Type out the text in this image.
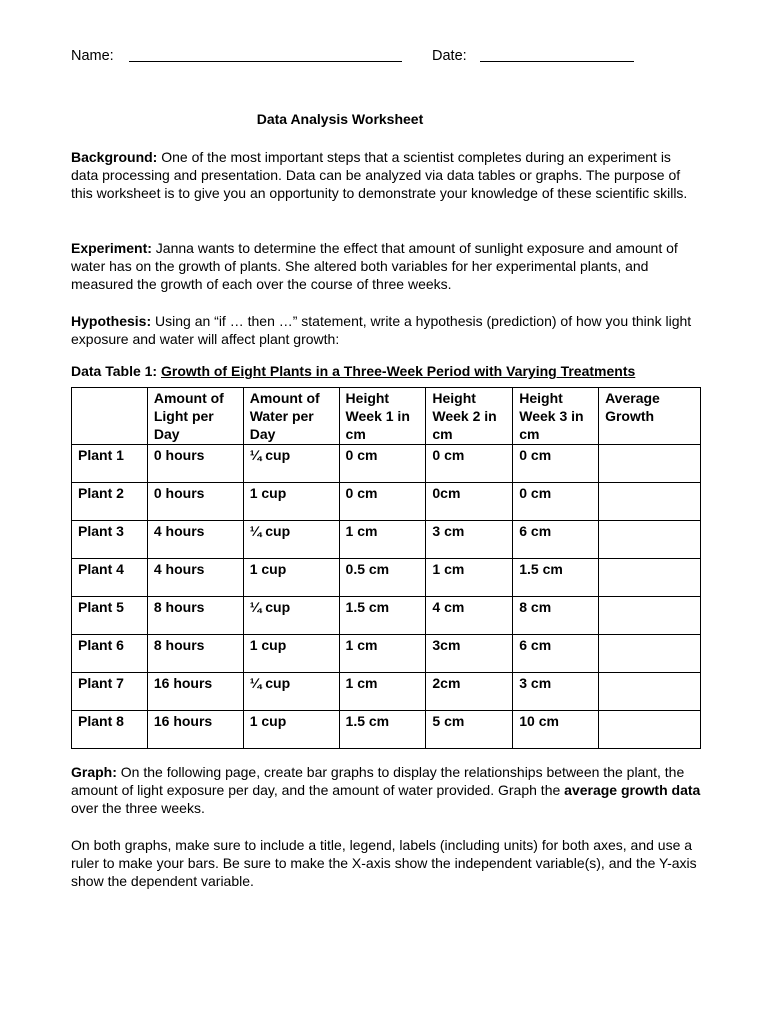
Name:	Date:
Data Analysis Worksheet

Background: One of the most important steps that a scientist completes during an experiment is data processing and presentation. Data can be analyzed via data tables or graphs. The purpose of this worksheet is to give you an opportunity to demonstrate your knowledge of these scientific skills.

Experiment: Janna wants to determine the effect that amount of sunlight exposure and amount of water has on the growth of plants. She altered both variables for her experimental plants, and measured the growth of each over the course of three weeks.

Hypothesis: Using an “if … then …” statement, write a hypothesis (prediction) of how you think light exposure and water will affect plant growth:

Data Table 1: Growth of Eight Plants in a Three-Week Period with Varying Treatments
	Amount of Light per Day	Amount of Water per Day	Height Week 1 in cm	Height Week 2 in cm	Height Week 3 in cm	Average Growth
Plant 1	0 hours	¼ cup	0 cm	0 cm	0 cm	
Plant 2	0 hours	1 cup	0 cm	0cm	0 cm	
Plant 3	4 hours	¼ cup	1 cm	3 cm	6 cm	
Plant 4	4 hours	1 cup	0.5 cm	1 cm	1.5 cm	
Plant 5	8 hours	¼ cup	1.5 cm	4 cm	8 cm	
Plant 6	8 hours	1 cup	1 cm	3cm	6 cm	
Plant 7	16 hours	¼ cup	1 cm	2cm	3 cm	
Plant 8	16 hours	1 cup	1.5 cm	5 cm	10 cm	

Graph: On the following page, create bar graphs to display the relationships between the plant, the amount of light exposure per day, and the amount of water provided. Graph the average growth data over the three weeks.

On both graphs, make sure to include a title, legend, labels (including units) for both axes, and use a ruler to make your bars. Be sure to make the X-axis show the independent variable(s), and the Y-axis show the dependent variable.
